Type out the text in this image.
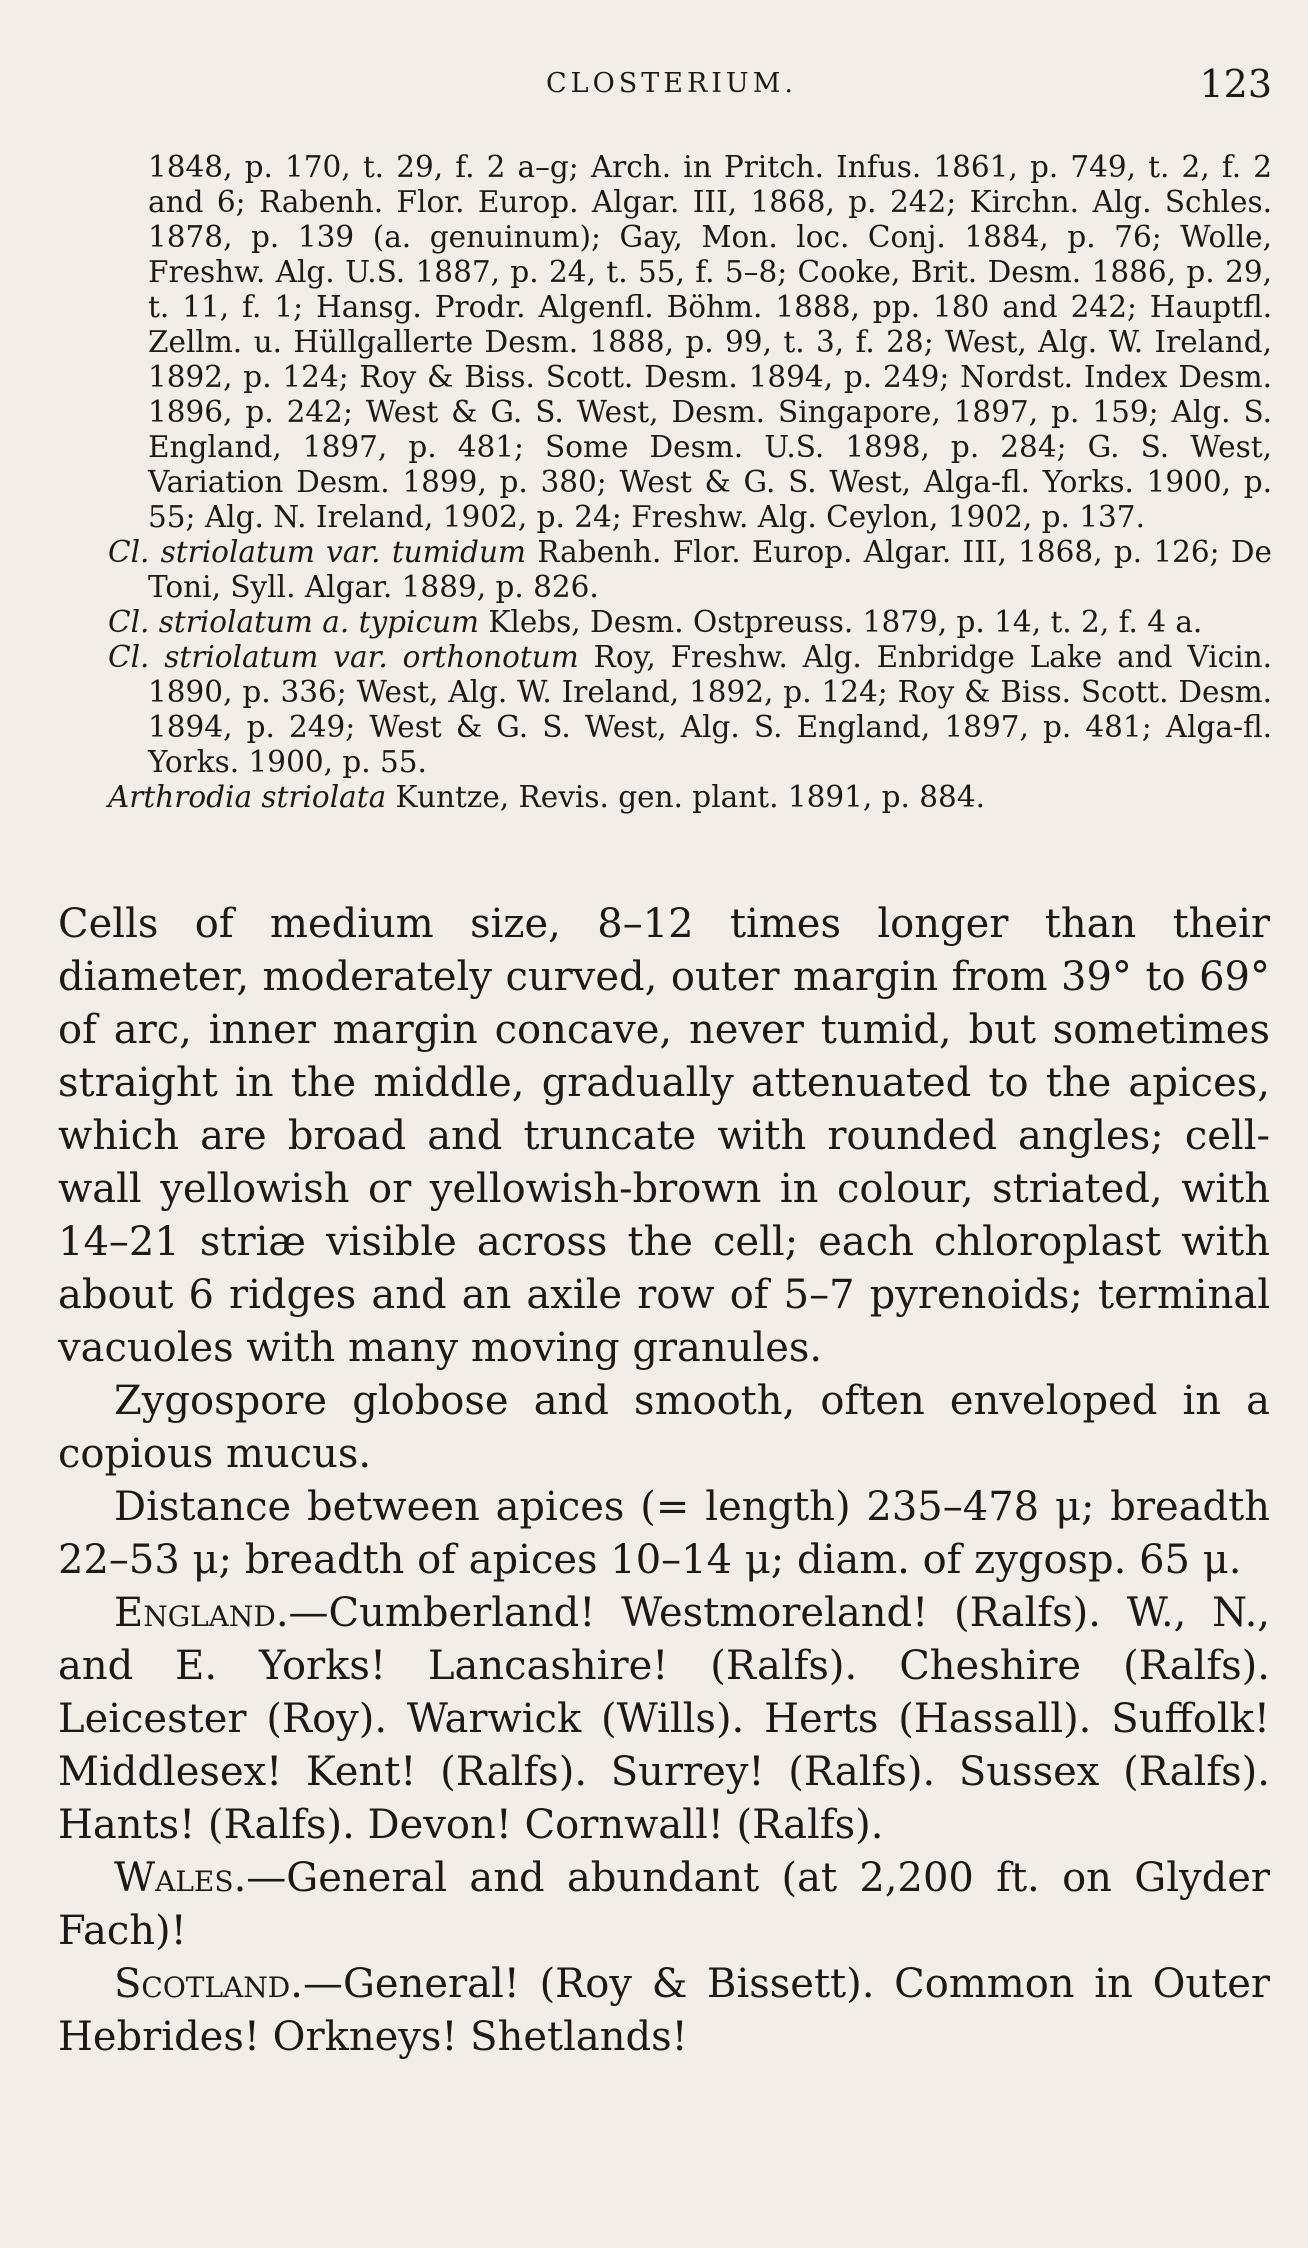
CLOSTERIUM.	123

1848, p. 170, t. 29, f. 2 a–g; Arch. in Pritch. Infus. 1861, p. 749, t. 2, f. 2 and 6; Rabenh. Flor. Europ. Algar. III, 1868, p. 242; Kirchn. Alg. Schles. 1878, p. 139 (a. genuinum); Gay, Mon. loc. Conj. 1884, p. 76; Wolle, Freshw. Alg. U.S. 1887, p. 24, t. 55, f. 5–8; Cooke, Brit. Desm. 1886, p. 29, t. 11, f. 1; Hansg. Prodr. Algenfl. Böhm. 1888, pp. 180 and 242; Hauptfl. Zellm. u. Hüllgallerte Desm. 1888, p. 99, t. 3, f. 28; West, Alg. W. Ireland, 1892, p. 124; Roy & Biss. Scott. Desm. 1894, p. 249; Nordst. Index Desm. 1896, p. 242; West & G. S. West, Desm. Singapore, 1897, p. 159; Alg. S. England, 1897, p. 481; Some Desm. U.S. 1898, p. 284; G. S. West, Variation Desm. 1899, p. 380; West & G. S. West, Alga-fl. Yorks. 1900, p. 55; Alg. N. Ireland, 1902, p. 24; Freshw. Alg. Ceylon, 1902, p. 137.

Cl. striolatum var. tumidum Rabenh. Flor. Europ. Algar. III, 1868, p. 126; De Toni, Syll. Algar. 1889, p. 826.

Cl. striolatum a. typicum Klebs, Desm. Ostpreuss. 1879, p. 14, t. 2, f. 4 a.

Cl. striolatum var. orthonotum Roy, Freshw. Alg. Enbridge Lake and Vicin. 1890, p. 336; West, Alg. W. Ireland, 1892, p. 124; Roy & Biss. Scott. Desm. 1894, p. 249; West & G. S. West, Alg. S. England, 1897, p. 481; Alga-fl. Yorks. 1900, p. 55.

Arthrodia striolata Kuntze, Revis. gen. plant. 1891, p. 884.

Cells of medium size, 8–12 times longer than their diameter, moderately curved, outer margin from 39° to 69° of arc, inner margin concave, never tumid, but sometimes straight in the middle, gradually attenuated to the apices, which are broad and truncate with rounded angles; cell-wall yellowish or yellowish-brown in colour, striated, with 14–21 striæ visible across the cell; each chloroplast with about 6 ridges and an axile row of 5–7 pyrenoids; terminal vacuoles with many moving granules.

Zygospore globose and smooth, often enveloped in a copious mucus.

Distance between apices (= length) 235–478 μ; breadth 22–53 μ; breadth of apices 10–14 μ; diam. of zygosp. 65 μ.

England.—Cumberland! Westmoreland! (Ralfs). W., N., and E. Yorks! Lancashire! (Ralfs). Cheshire (Ralfs). Leicester (Roy). Warwick (Wills). Herts (Hassall). Suffolk! Middlesex! Kent! (Ralfs). Surrey! (Ralfs). Sussex (Ralfs). Hants! (Ralfs). Devon! Cornwall! (Ralfs).

Wales.—General and abundant (at 2,200 ft. on Glyder Fach)!

Scotland.—General! (Roy & Bissett). Common in Outer Hebrides! Orkneys! Shetlands!
